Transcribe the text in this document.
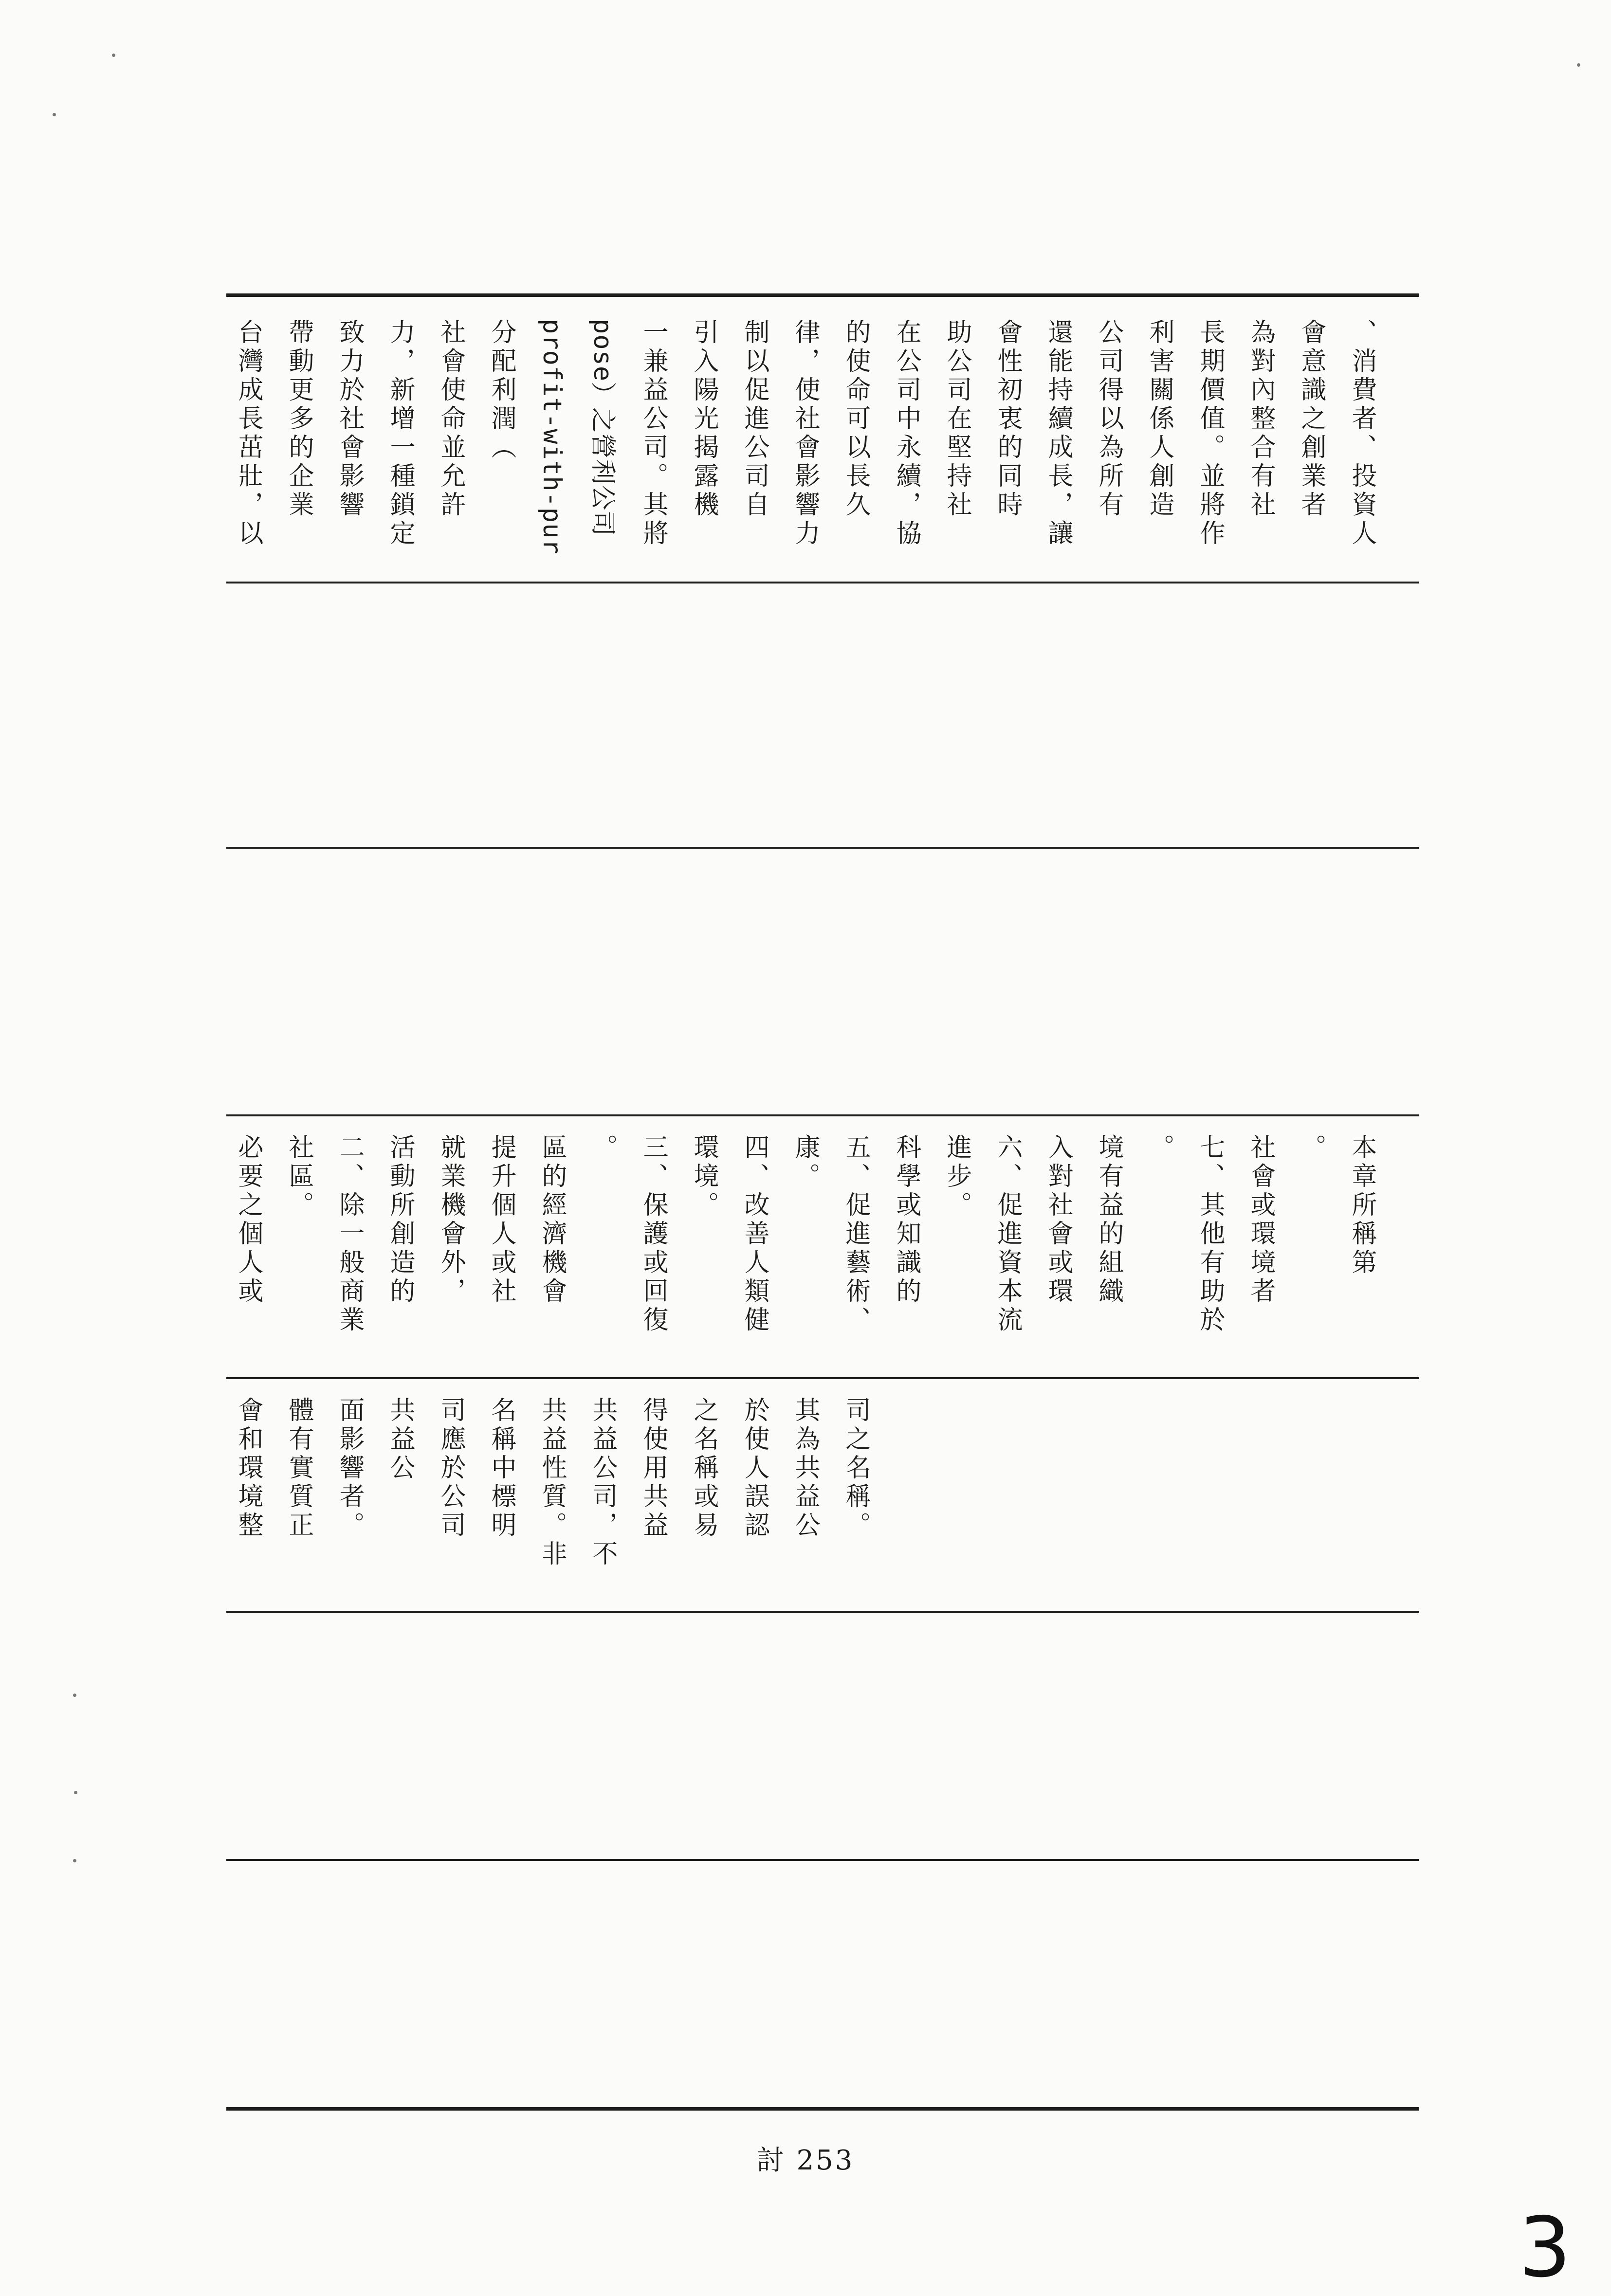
台灣成長茁壯，以 帶動更多的企業 致力於社會影響 力，新增一種鎖定 社會使命並允許 分配利潤（ profit-with-pur pose）之營利公司 一兼益公司。其將 引入陽光揭露機 制以促進公司自 律，使社會影響力 的使命可以長久 在公司中永續，協 助公司在堅持社 會性初衷的同時 還能持續成長，讓 公司得以為所有 利害關係人創造 長期價值。並將作 為對內整合有社 會意識之創業者 、消費者、投資人
必要之個人或 社區。 二、除一般商業 活動所創造的 就業機會外， 提升個人或社 區的經濟機會 。 三、保護或回復 環境。 四、改善人類健 康。 五、促進藝術、 科學或知識的 進步。 六、促進資本流 入對社會或環 境有益的組織 。 七、其他有助於 社會或環境者 。 本章所稱第
會和環境整 體有實質正 面影響者。 共益公 司應於公司 名稱中標明 共益性質。非 共益公司，不 得使用共益 之名稱或易 於使人誤認 其為共益公 司之名稱。
討 253
3
